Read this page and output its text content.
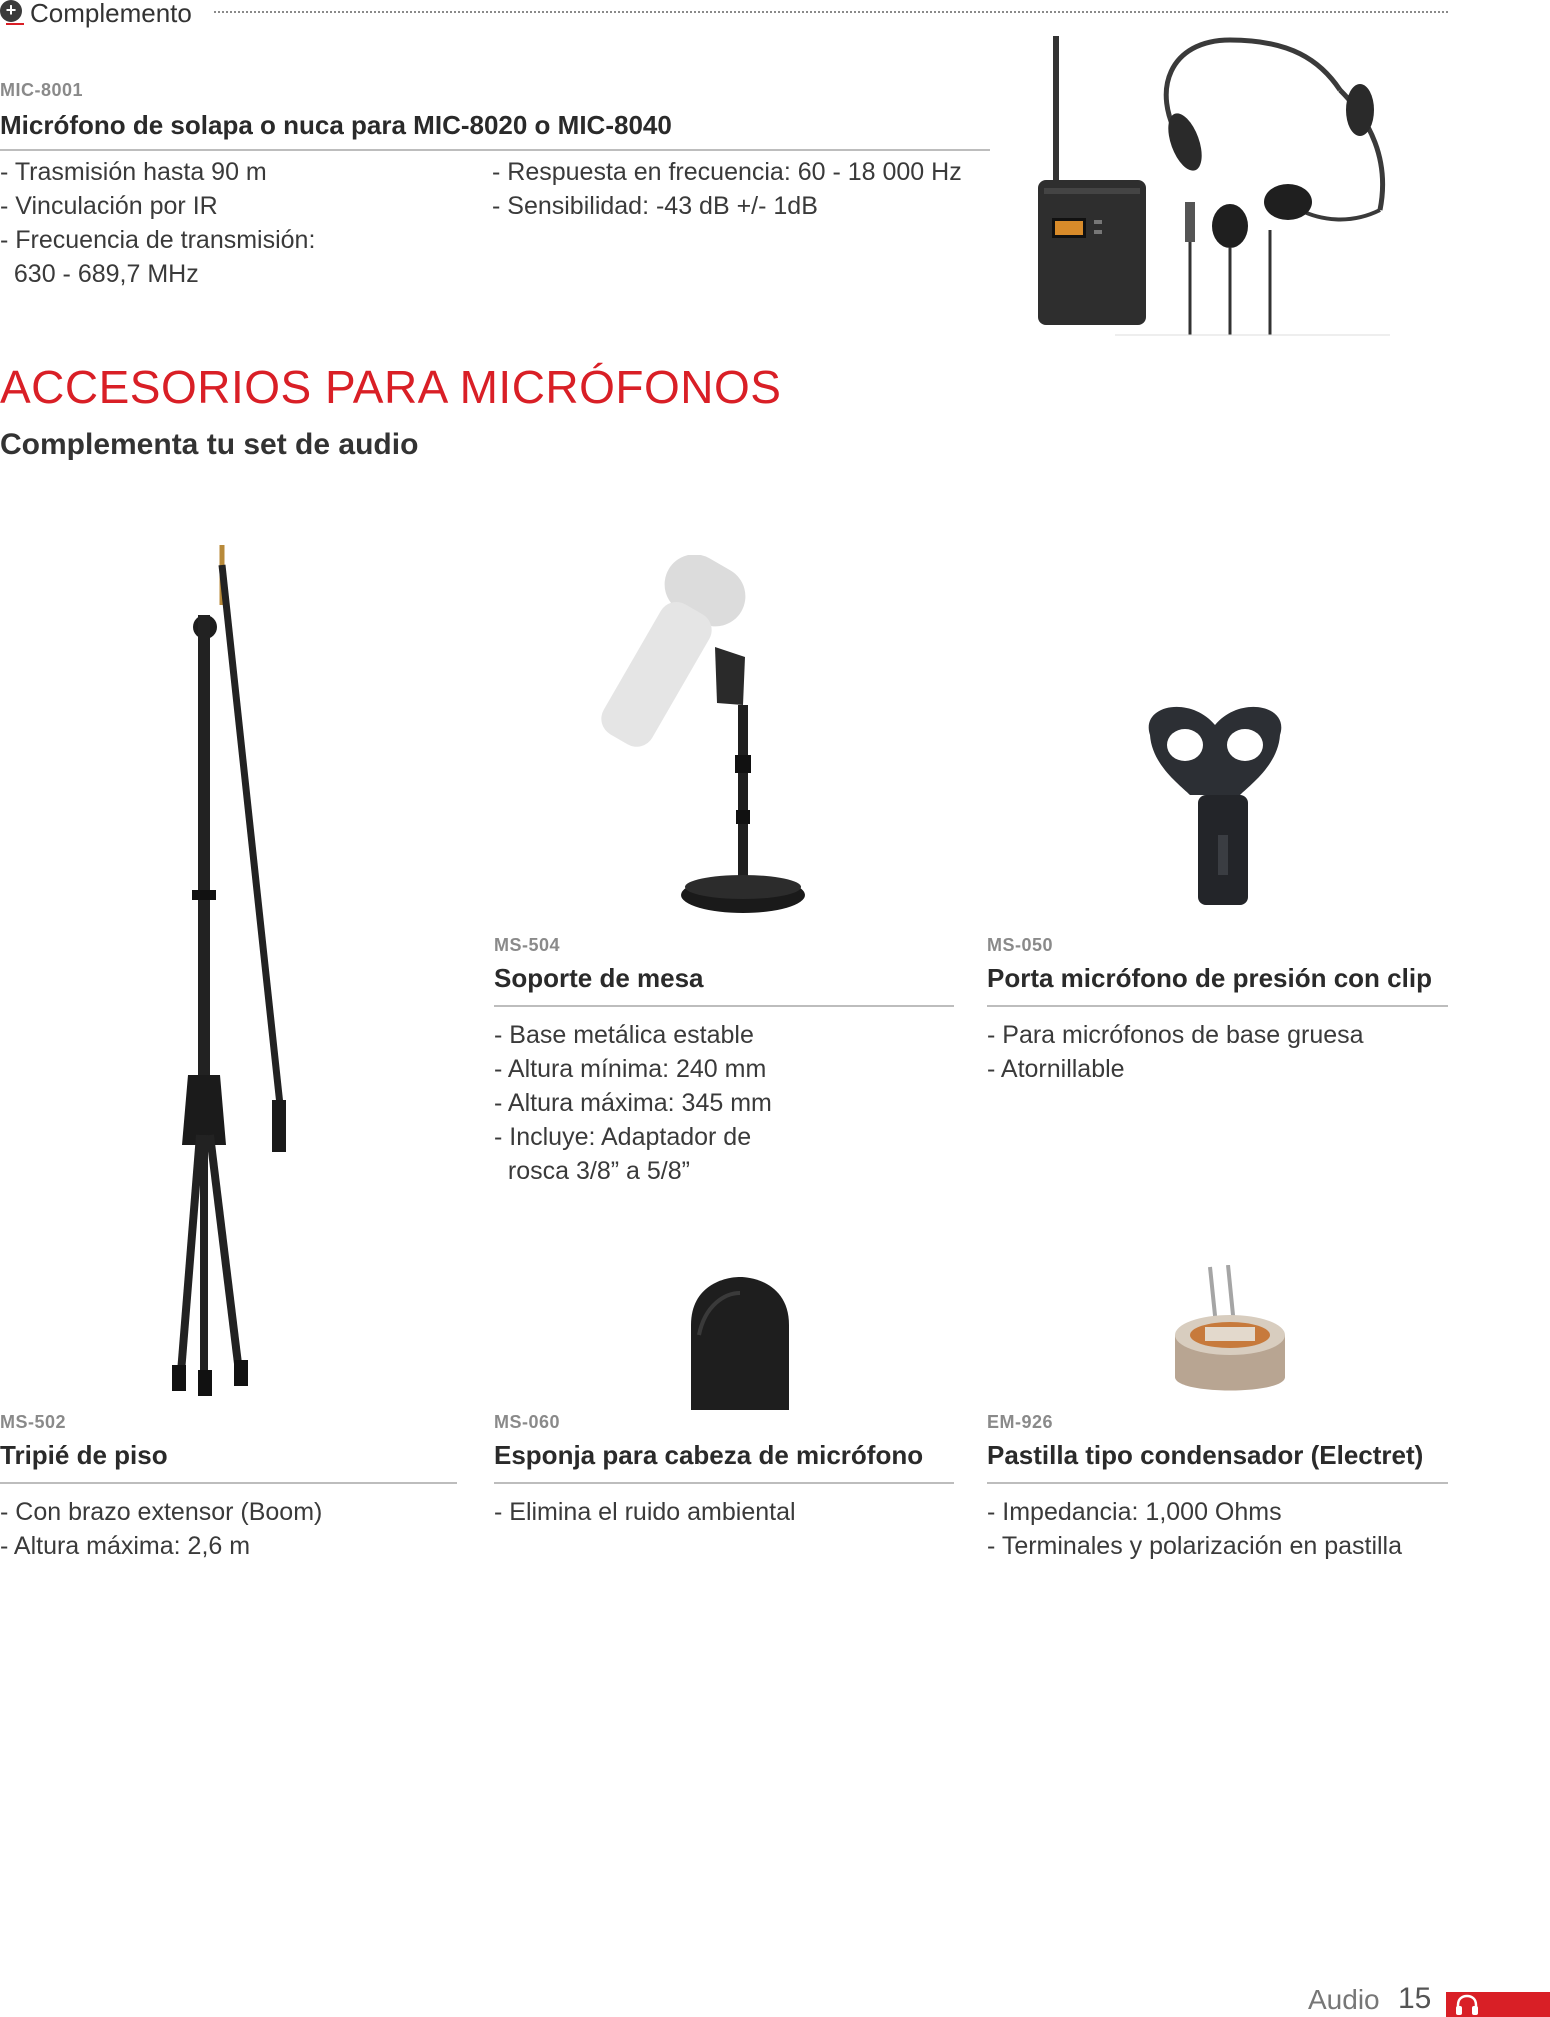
+ Complemento
MIC-8001
Micrófono de solapa o nuca para MIC-8020 o MIC-8040
- Trasmisión hasta 90 m
- Vinculación por IR
- Frecuencia de transmisión:
630 - 689,7 MHz
- Respuesta en frecuencia: 60 - 18 000 Hz
- Sensibilidad: -43 dB +/- 1dB
ACCESORIOS PARA MICRÓFONOS
Complementa tu set de audio
MS-504
Soporte de mesa
- Base metálica estable
- Altura mínima: 240 mm
- Altura máxima: 345 mm
- Incluye: Adaptador de
rosca 3/8” a 5/8”
MS-050
Porta micrófono de presión con clip
- Para micrófonos de base gruesa
- Atornillable
MS-502
Tripié de piso
- Con brazo extensor (Boom)
- Altura máxima: 2,6 m
MS-060
Esponja para cabeza de micrófono
- Elimina el ruido ambiental
EM-926
Pastilla tipo condensador (Electret)
- Impedancia: 1,000 Ohms
- Terminales y polarización en pastilla
Audio 15
